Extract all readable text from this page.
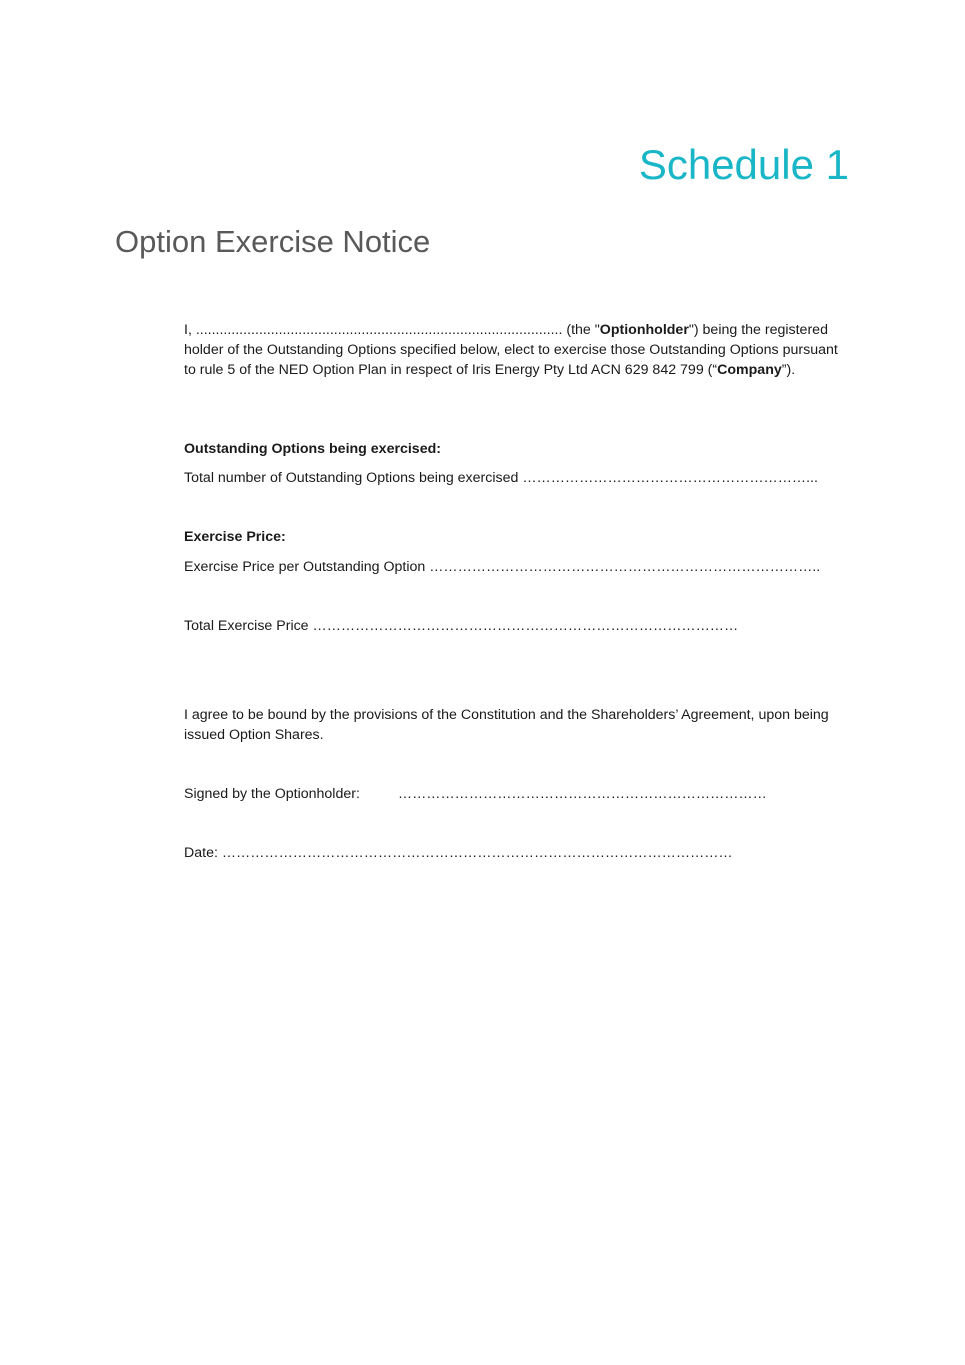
Schedule 1
Option Exercise Notice

I, ............................................................................................. (the "Optionholder") being the registered holder of the Outstanding Options specified below, elect to exercise those Outstanding Options pursuant to rule 5 of the NED Option Plan in respect of Iris Energy Pty Ltd ACN 629 842 799 (“Company”).

Outstanding Options being exercised:

Total number of Outstanding Options being exercised ……………………………………………………...

Exercise Price:

Exercise Price per Outstanding Option ………………………………………………………………………..

Total Exercise Price ………………………………………………………………………………

I agree to be bound by the provisions of the Constitution and the Shareholders’ Agreement, upon being issued Option Shares.

Signed by the Optionholder:	……………………………………………………………………

Date: ………………………………………………………………………………………………
